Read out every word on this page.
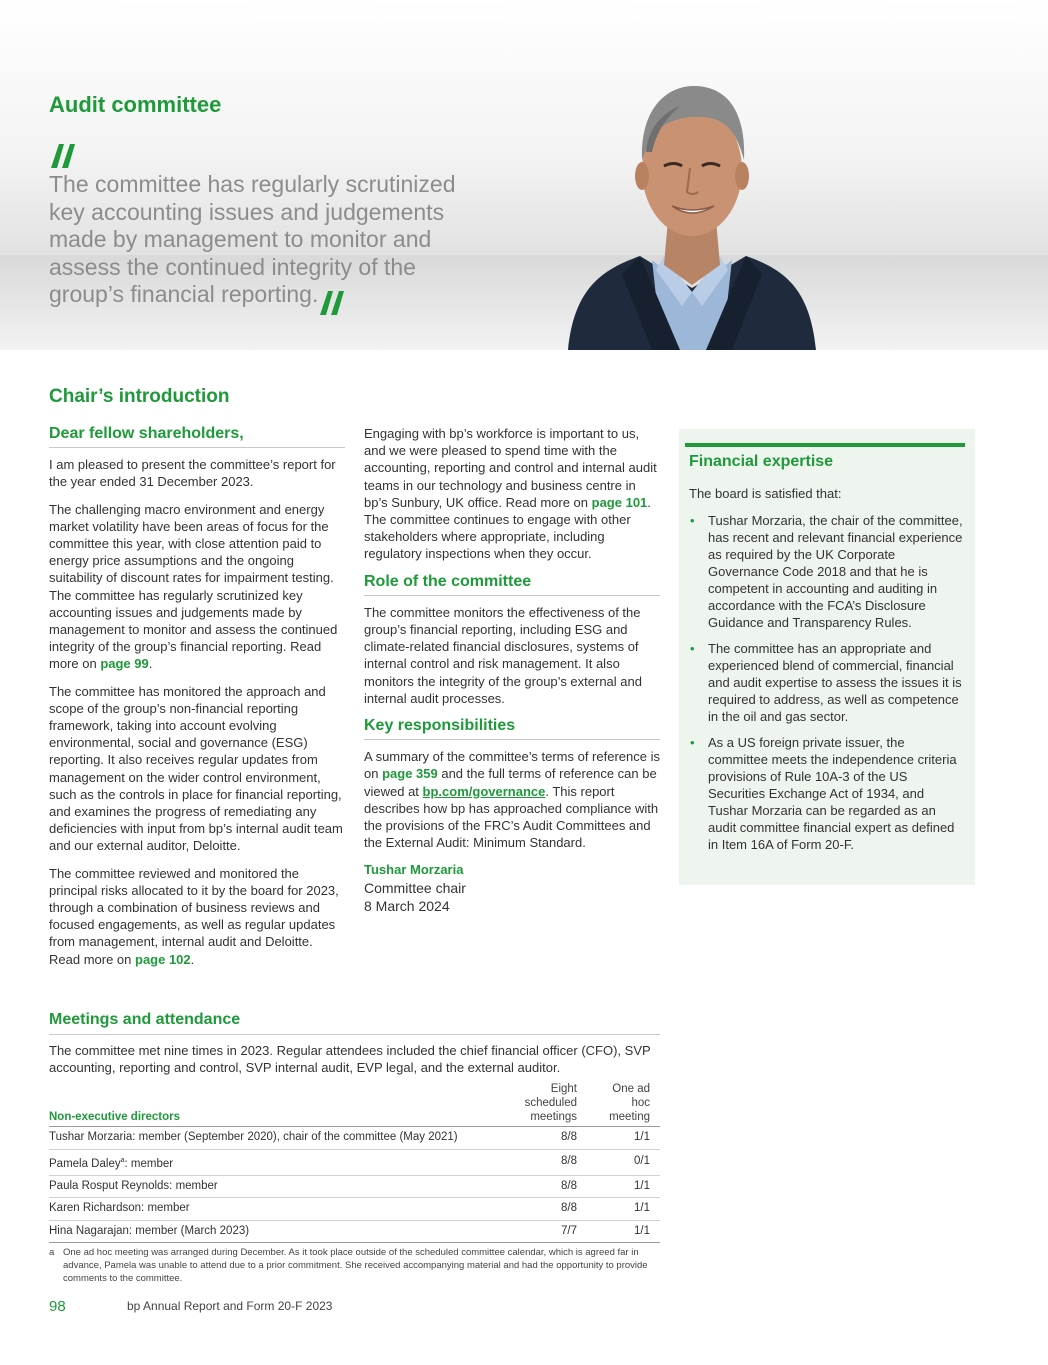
Audit committee

The committee has regularly scrutinized key accounting issues and judgements made by management to monitor and assess the continued integrity of the group’s financial reporting.

Chair’s introduction
Dear fellow shareholders,

I am pleased to present the committee’s report for the year ended 31 December 2023.

The challenging macro environment and energy market volatility have been areas of focus for the committee this year, with close attention paid to energy price assumptions and the ongoing suitability of discount rates for impairment testing. The committee has regularly scrutinized key accounting issues and judgements made by management to monitor and assess the continued integrity of the group’s financial reporting. Read more on page 99.

The committee has monitored the approach and scope of the group’s non-financial reporting framework, taking into account evolving environmental, social and governance (ESG) reporting. It also receives regular updates from management on the wider control environment, such as the controls in place for financial reporting, and examines the progress of remediating any deficiencies with input from bp’s internal audit team and our external auditor, Deloitte.

The committee reviewed and monitored the principal risks allocated to it by the board for 2023, through a combination of business reviews and focused engagements, as well as regular updates from management, internal audit and Deloitte. Read more on page 102.

Engaging with bp’s workforce is important to us, and we were pleased to spend time with the accounting, reporting and control and internal audit teams in our technology and business centre in bp’s Sunbury, UK office. Read more on page 101. The committee continues to engage with other stakeholders where appropriate, including regulatory inspections when they occur.

Role of the committee

The committee monitors the effectiveness of the group’s financial reporting, including ESG and climate-related financial disclosures, systems of internal control and risk management. It also monitors the integrity of the group’s external and internal audit processes.

Key responsibilities

A summary of the committee’s terms of reference is on page 359 and the full terms of reference can be viewed at bp.com/governance. This report describes how bp has approached compliance with the provisions of the FRC’s Audit Committees and the External Audit: Minimum Standard.

Tushar Morzaria
Committee chair
8 March 2024
Financial expertise
The board is satisfied that:
• Tushar Morzaria, the chair of the committee, has recent and relevant financial experience as required by the UK Corporate Governance Code 2018 and that he is competent in accounting and auditing in accordance with the FCA’s Disclosure Guidance and Transparency Rules.
• The committee has an appropriate and experienced blend of commercial, financial and audit expertise to assess the issues it is required to address, as well as competence in the oil and gas sector.
• As a US foreign private issuer, the committee meets the independence criteria provisions of Rule 10A-3 of the US Securities Exchange Act of 1934, and Tushar Morzaria can be regarded as an audit committee financial expert as defined in Item 16A of Form 20-F.
Meetings and attendance
The committee met nine times in 2023. Regular attendees included the chief financial officer (CFO), SVP accounting, reporting and control, SVP internal audit, EVP legal, and the external auditor.
Non-executive directors	Eight scheduled meetings	One ad hoc meeting

Tushar Morzaria: member (September 2020), chair of the committee (May 2021)	8/8	1/1
Pamela Daley$^a$: member	8/8	0/1
Paula Rosput Reynolds: member	8/8	1/1
Karen Richardson: member	8/8	1/1
Hina Nagarajan: member (March 2023)	7/7	1/1
a One ad hoc meeting was arranged during December. As it took place outside of the scheduled committee calendar, which is agreed far in advance, Pamela was unable to attend due to a prior commitment. She received accompanying material and had the opportunity to provide comments to the committee.
98	bp Annual Report and Form 20-F 2023
